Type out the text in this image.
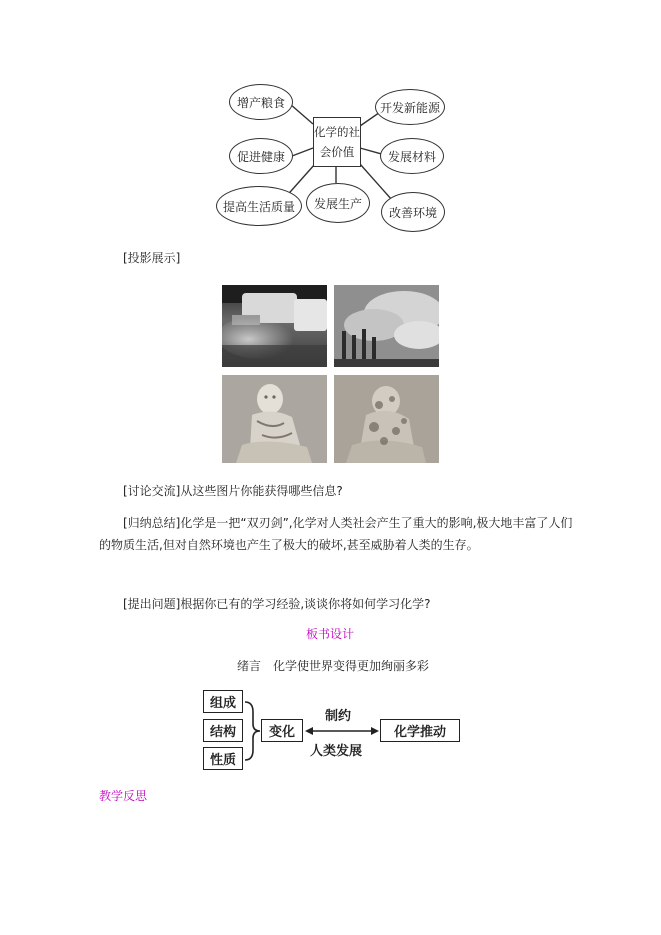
增产粮食
促进健康
提高生活质量	发展生产
开发新能源
发展材料
改善环境
化学的社
会价值
[投影展示]
[讨论交流]从这些图片你能获得哪些信息?
[归纳总结]化学是一把“双刃剑”,化学对人类社会产生了重大的影响,极大地丰富了人们
的物质生活,但对自然环境也产生了极大的破坏,甚至威胁着人类的生存。
[提出问题]根据你已有的学习经验,谈谈你将如何学习化学?
板书设计
绪言　化学使世界变得更加绚丽多彩
组成
结构
性质
变化	化学推动
制约
人类发展
教学反思
